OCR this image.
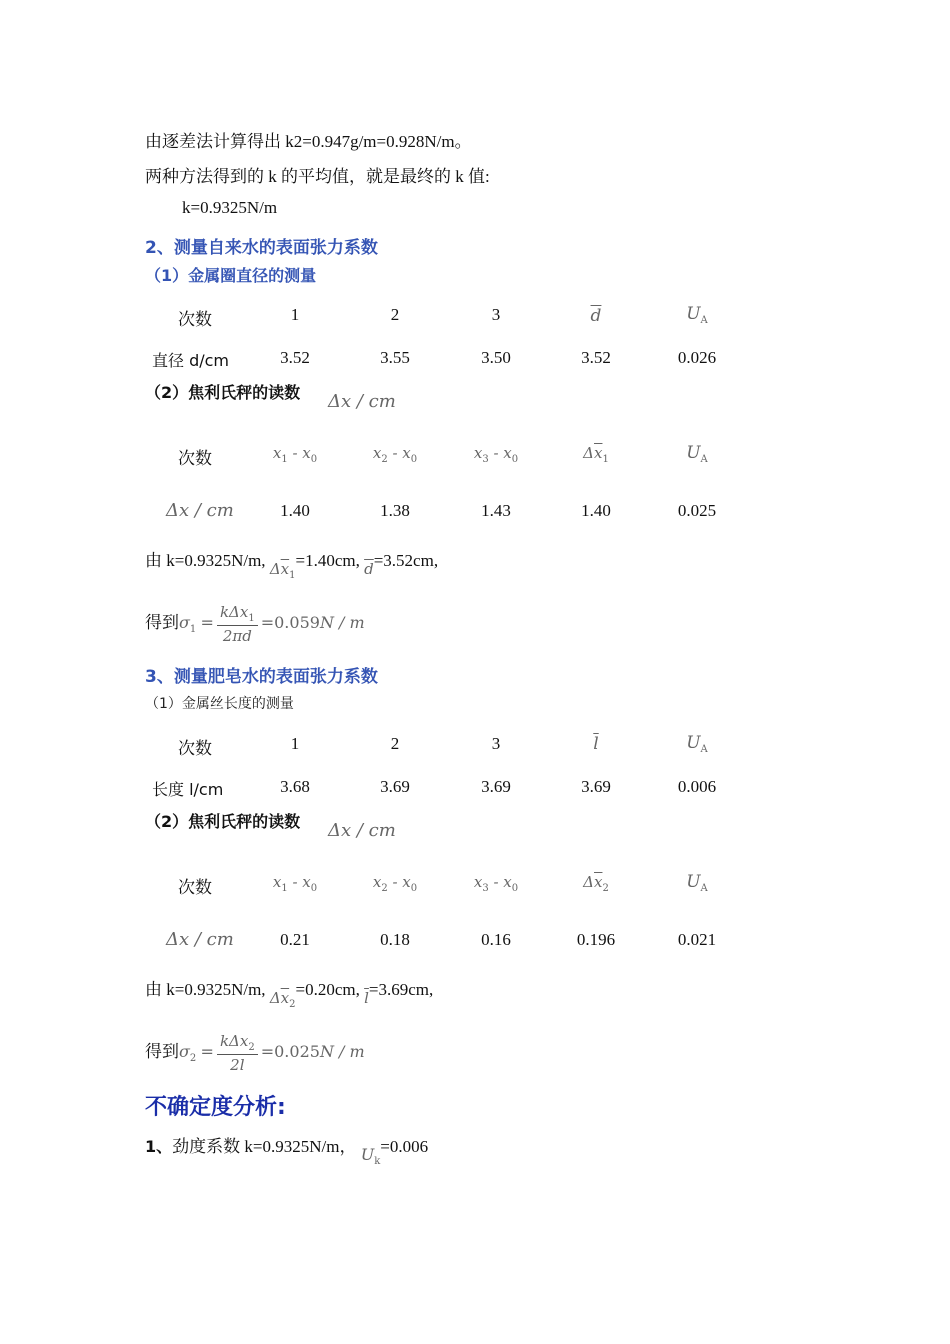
由逐差法计算得出 k2=0.947g/m=0.928N/m。
两种方法得到的 k 的平均值，就是最终的 k 值:
k=0.9325N/m
2、测量自来水的表面张力系数
（1）金属圈直径的测量
次数	1	2	3	$\overline{d}$	$U_A$
直径 d/cm	3.52	3.55	3.50	3.52	0.026
（2）焦利氏秤的读数 Δx / cm
次数	$x_1 - x_0$	$x_2 - x_0$	$x_3 - x_0$	$\Delta\overline{x}_1$	$U_A$
Δx / cm	1.40	1.38	1.43	1.40	0.025
由 k=0.9325N/m, $\Delta\overline{x}_1=1.40cm$, $\overline{d}=3.52cm$,
得到$\sigma_1 = \frac{k\Delta x_1}{2\pi d} =0.059N / m$
3、测量肥皂水的表面张力系数
（1）金属丝长度的测量
次数	1	2	3	$\overline{l}$	$U_A$
长度 l/cm	3.68	3.69	3.69	3.69	0.006
（2）焦利氏秤的读数 Δx / cm
次数	$x_1 - x_0$	$x_2 - x_0$	$x_3 - x_0$	$\Delta\overline{x}_2$	$U_A$
Δx / cm	0.21	0.18	0.16	0.196	0.021
由 k=0.9325N/m, $\Delta\overline{x}_2=0.20cm$, $\overline{l}=3.69cm$,
得到$\sigma_2 = \frac{k\Delta x_2}{2l} =0.025N / m$
不确定度分析:
1、劲度系数 k=0.9325N/m， $U_k=0.006$
